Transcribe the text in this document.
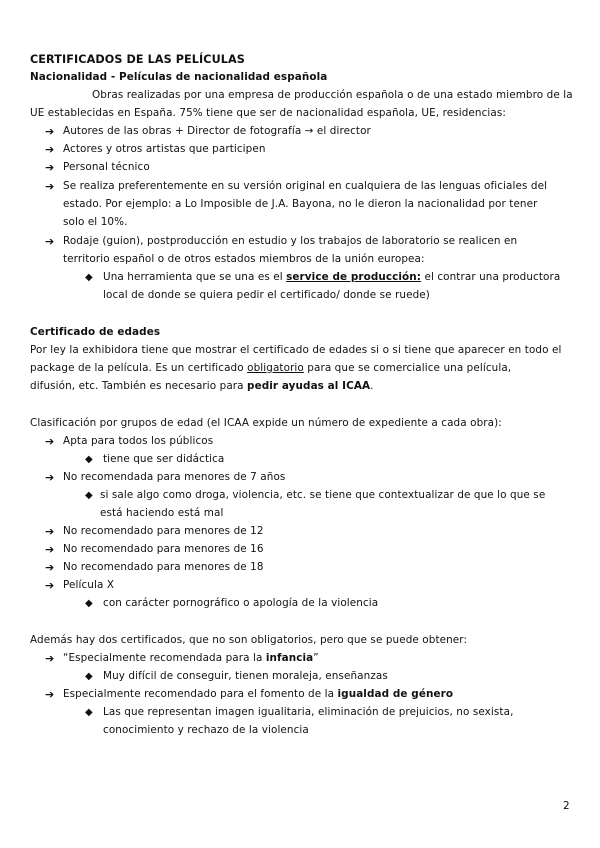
CERTIFICADOS DE LAS PELÍCULAS
Nacionalidad - Películas de nacionalidad española
Obras realizadas por una empresa de producción española o de una estado miembro de la
UE establecidas en España. 75% tiene que ser de nacionalidad española, UE, residencias:
➔ Autores de las obras + Director de fotografía → el director
➔ Actores y otros artistas que participen
➔ Personal técnico
➔ Se realiza preferentemente en su versión original en cualquiera de las lenguas oficiales del
estado. Por ejemplo: a Lo Imposible de J.A. Bayona, no le dieron la nacionalidad por tener
solo el 10%.
➔ Rodaje (guion), postproducción en estudio y los trabajos de laboratorio se realicen en
territorio español o de otros estados miembros de la unión europea:
◆ Una herramienta que se una es el service de producción: el contrar una productora
local de donde se quiera pedir el certificado/ donde se ruede)
Certificado de edades
Por ley la exhibidora tiene que mostrar el certificado de edades si o si tiene que aparecer en todo el
package de la película. Es un certificado obligatorio para que se comercialice una película,
difusión, etc. También es necesario para pedir ayudas al ICAA.
Clasificación por grupos de edad (el ICAA expide un número de expediente a cada obra):
➔ Apta para todos los públicos
◆ tiene que ser didáctica
➔ No recomendada para menores de 7 años
◆ si sale algo como droga, violencia, etc. se tiene que contextualizar de que lo que se
está haciendo está mal
➔ No recomendado para menores de 12
➔ No recomendado para menores de 16
➔ No recomendado para menores de 18
➔ Película X
◆ con carácter pornográfico o apología de la violencia
Además hay dos certificados, que no son obligatorios, pero que se puede obtener:
➔ “Especialmente recomendada para la infancia”
◆ Muy difícil de conseguir, tienen moraleja, enseñanzas
➔ Especialmente recomendado para el fomento de la igualdad de género
◆ Las que representan imagen igualitaria, eliminación de prejuicios, no sexista,
conocimiento y rechazo de la violencia
2
